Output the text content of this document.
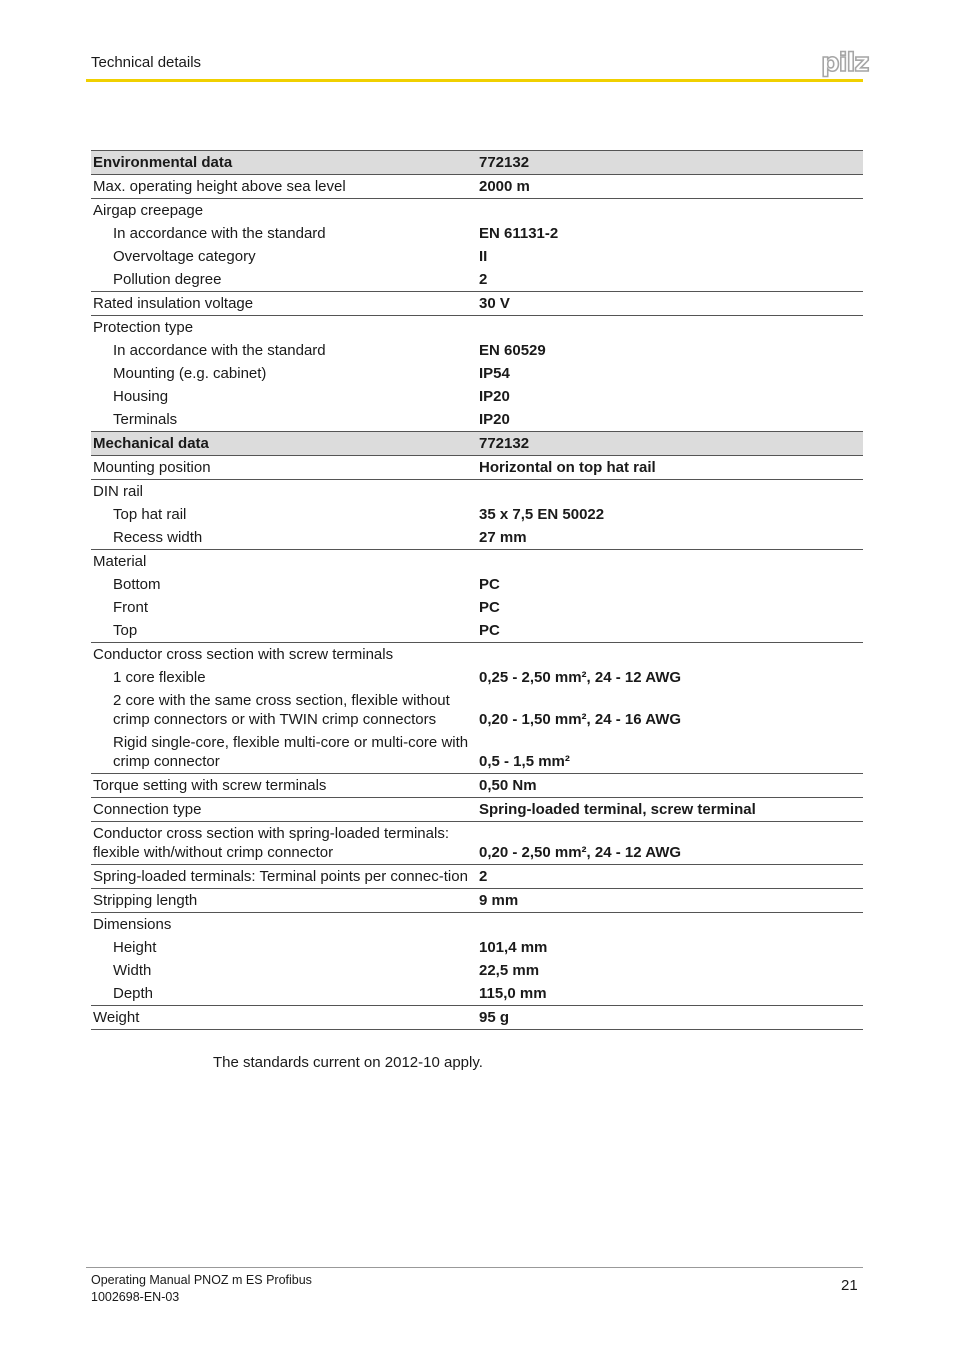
Technical details	pilz
Environmental data	772132
Max. operating height above sea level	2000 m
Airgap creepage	
In accordance with the standard	EN 61131-2
Overvoltage category	II
Pollution degree	2
Rated insulation voltage	30 V
Protection type	
In accordance with the standard	EN 60529
Mounting (e.g. cabinet)	IP54
Housing	IP20
Terminals	IP20
Mechanical data	772132
Mounting position	Horizontal on top hat rail
DIN rail	
Top hat rail	35 x 7,5 EN 50022
Recess width	27 mm
Material	
Bottom	PC
Front	PC
Top	PC
Conductor cross section with screw terminals	
1 core flexible	0,25 - 2,50 mm², 24 - 12 AWG
2 core with the same cross section, flexible without crimp connectors or with TWIN crimp connectors	0,20 - 1,50 mm², 24 - 16 AWG
Rigid single-core, flexible multi-core or multi-core with crimp connector	0,5 - 1,5 mm²
Torque setting with screw terminals	0,50 Nm
Connection type	Spring-loaded terminal, screw terminal
Conductor cross section with spring-loaded terminals: flexible with/without crimp connector	0,20 - 2,50 mm², 24 - 12 AWG
Spring-loaded terminals: Terminal points per connec-tion	2
Stripping length	9 mm
Dimensions	
Height	101,4 mm
Width	22,5 mm
Depth	115,0 mm
Weight	95 g
The standards current on 2012-10 apply.
Operating Manual PNOZ m ES Profibus
1002698-EN-03
21
